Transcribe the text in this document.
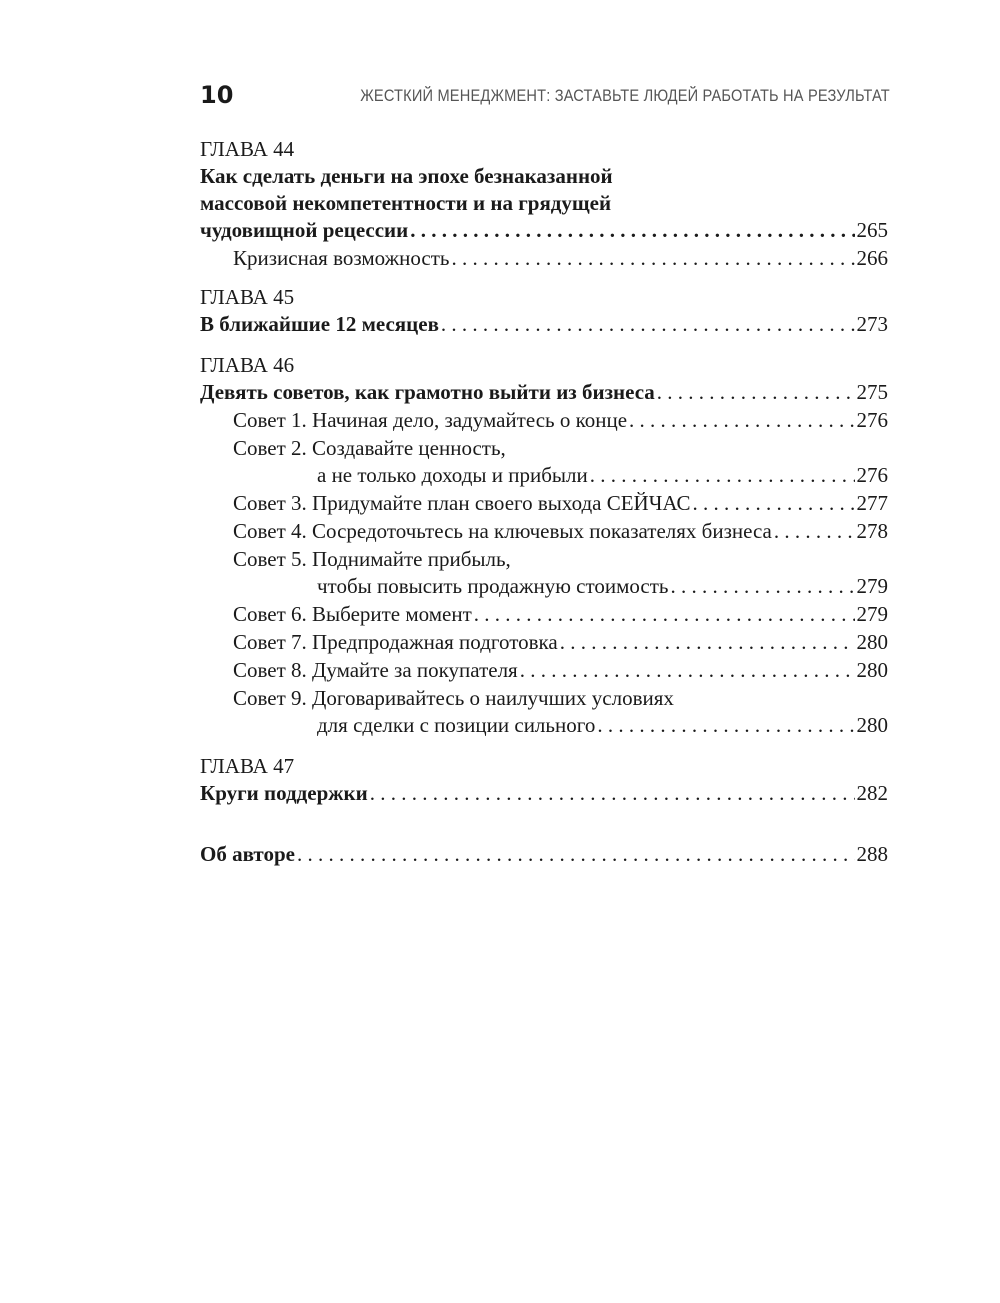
10	ЖЕСТКИЙ МЕНЕДЖМЕНТ: ЗАСТАВЬТЕ ЛЮДЕЙ РАБОТАТЬ НА РЕЗУЛЬТАТ
ГЛАВА 44
Как сделать деньги на эпохе безнаказанной
массовой некомпетентности и на грядущей
чудовищной рецессии . . .	265
Кризисная возможность . . .	266
ГЛАВА 45
В ближайшие 12 месяцев . . .	273
ГЛАВА 46
Девять советов, как грамотно выйти из бизнеса . . .	275
Совет 1. Начиная дело, задумайтесь о конце . . .	276
Совет 2. Создавайте ценность,
а не только доходы и прибыли . . .	276
Совет 3. Придумайте план своего выхода СЕЙЧАС . . .	277
Совет 4. Сосредоточьтесь на ключевых показателях бизнеса . . .	278
Совет 5. Поднимайте прибыль,
чтобы повысить продажную стоимость . . .	279
Совет 6. Выберите момент . . .	279
Совет 7. Предпродажная подготовка . . .	280
Совет 8. Думайте за покупателя . . .	280
Совет 9. Договаривайтесь о наилучших условиях
для сделки с позиции сильного . . .	280
ГЛАВА 47
Круги поддержки . . .	282
Об авторе . . .	288
